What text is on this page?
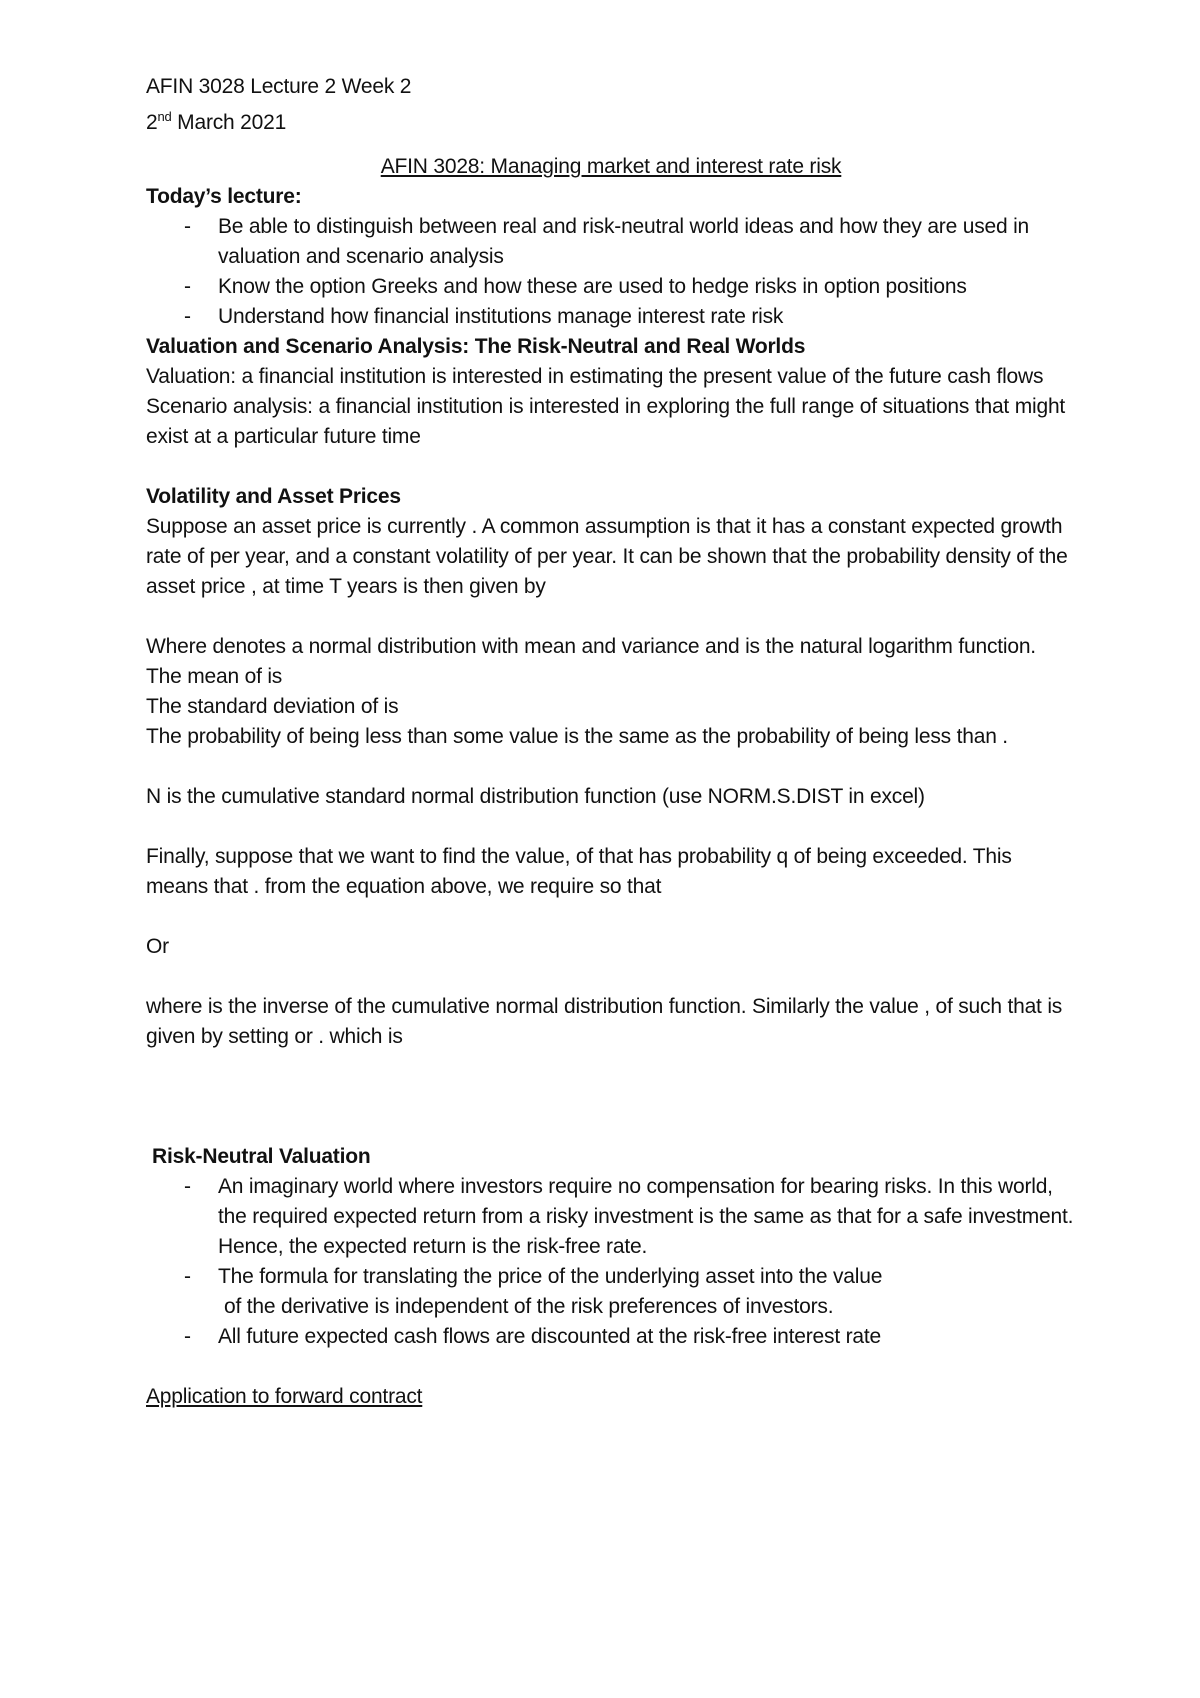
AFIN 3028 Lecture 2 Week 2

2nd March 2021

AFIN 3028: Managing market and interest rate risk

Today’s lecture:

- Be able to distinguish between real and risk-neutral world ideas and how they are used in valuation and scenario analysis
- Know the option Greeks and how these are used to hedge risks in option positions
- Understand how financial institutions manage interest rate risk

Valuation and Scenario Analysis: The Risk-Neutral and Real Worlds

Valuation: a financial institution is interested in estimating the present value of the future cash flows

Scenario analysis: a financial institution is interested in exploring the full range of situations that might exist at a particular future time

Volatility and Asset Prices

Suppose an asset price is currently . A common assumption is that it has a constant expected growth rate of per year, and a constant volatility of per year. It can be shown that the probability density of the asset price , at time T years is then given by

Where denotes a normal distribution with mean and variance and is the natural logarithm function.

The mean of is

The standard deviation of is

The probability of being less than some value is the same as the probability of being less than .

N is the cumulative standard normal distribution function (use NORM.S.DIST in excel)

Finally, suppose that we want to find the value, of that has probability q of being exceeded. This means that . from the equation above, we require so that

Or

where is the inverse of the cumulative normal distribution function. Similarly the value , of such that is given by setting or . which is

Risk-Neutral Valuation

- An imaginary world where investors require no compensation for bearing risks. In this world, the required expected return from a risky investment is the same as that for a safe investment. Hence, the expected return is the risk-free rate.
- The formula for translating the price of the underlying asset into the value
of the derivative is independent of the risk preferences of investors.
- All future expected cash flows are discounted at the risk-free interest rate

Application to forward contract
